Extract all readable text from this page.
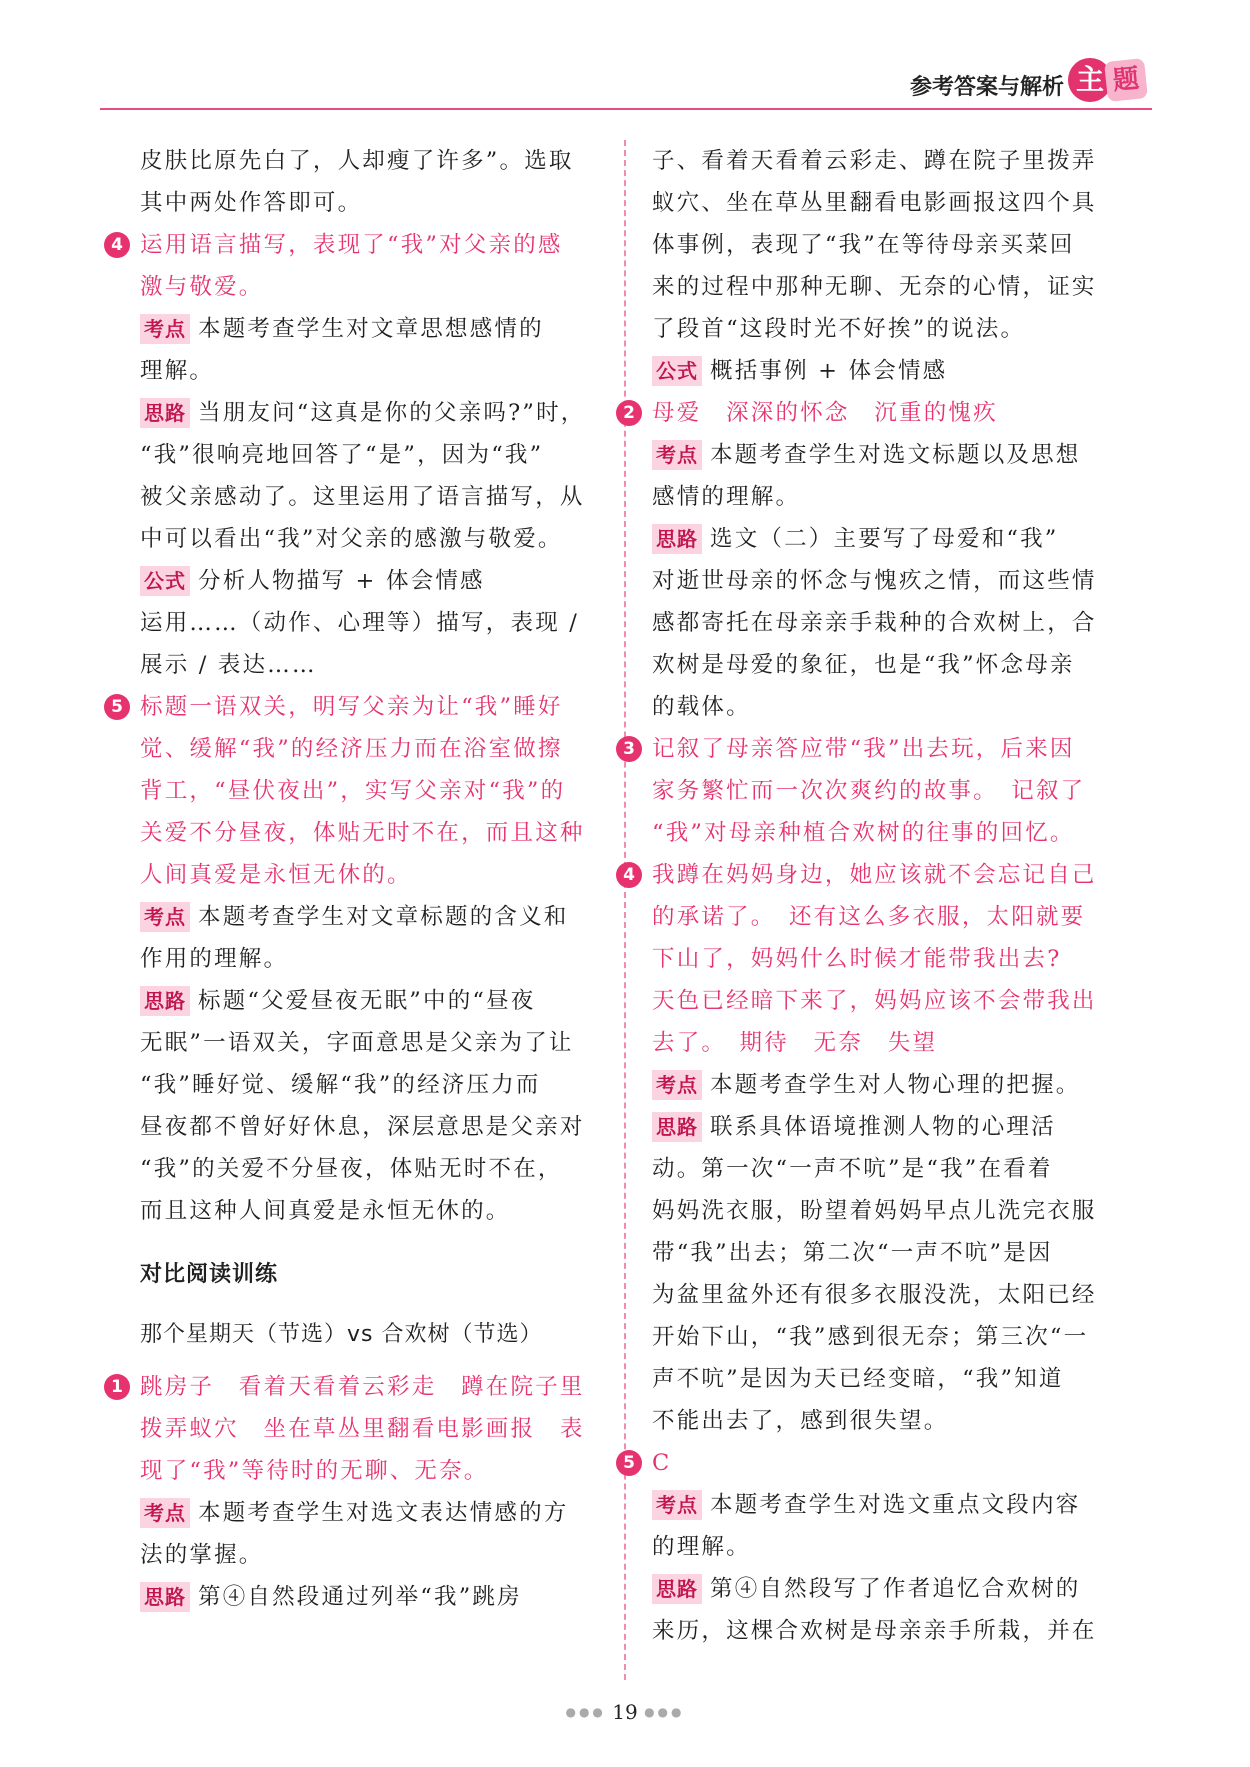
参考答案与解析 主 题
皮肤比原先白了，人却瘦了许多”。选取
其中两处作答即可。
4 运用语言描写，表现了“我”对父亲的感
激与敬爱。
考点 本题考查学生对文章思想感情的
理解。
思路 当朋友问“这真是你的父亲吗?”时，
“我”很响亮地回答了“是”，因为“我”
被父亲感动了。这里运用了语言描写，从
中可以看出“我”对父亲的感激与敬爱。
公式 分析人物描写 + 体会情感
运用……（动作、心理等）描写，表现 /
展示 / 表达……
5 标题一语双关，明写父亲为让“我”睡好
觉、缓解“我”的经济压力而在浴室做擦
背工，“昼伏夜出”，实写父亲对“我”的
关爱不分昼夜，体贴无时不在，而且这种
人间真爱是永恒无休的。
考点 本题考查学生对文章标题的含义和
作用的理解。
思路 标题“父爱昼夜无眠”中的“昼夜
无眠”一语双关，字面意思是父亲为了让
“我”睡好觉、缓解“我”的经济压力而
昼夜都不曾好好休息，深层意思是父亲对
“我”的关爱不分昼夜，体贴无时不在，
而且这种人间真爱是永恒无休的。
对比阅读训练
那个星期天（节选）vs 合欢树（节选）
1 跳房子　看着天看着云彩走　蹲在院子里
拨弄蚁穴　坐在草丛里翻看电影画报　表
现了“我”等待时的无聊、无奈。
考点 本题考查学生对选文表达情感的方
法的掌握。
思路 第④自然段通过列举“我”跳房
子、看着天看着云彩走、蹲在院子里拨弄
蚁穴、坐在草丛里翻看电影画报这四个具
体事例，表现了“我”在等待母亲买菜回
来的过程中那种无聊、无奈的心情，证实
了段首“这段时光不好挨”的说法。
公式 概括事例 + 体会情感
2 母爱　深深的怀念　沉重的愧疚
考点 本题考查学生对选文标题以及思想
感情的理解。
思路 选文（二）主要写了母爱和“我”
对逝世母亲的怀念与愧疚之情，而这些情
感都寄托在母亲亲手栽种的合欢树上，合
欢树是母爱的象征，也是“我”怀念母亲
的载体。
3 记叙了母亲答应带“我”出去玩，后来因
家务繁忙而一次次爽约的故事。　记叙了
“我”对母亲种植合欢树的往事的回忆。
4 我蹲在妈妈身边，她应该就不会忘记自己
的承诺了。　还有这么多衣服，太阳就要
下山了，妈妈什么时候才能带我出去?
天色已经暗下来了，妈妈应该不会带我出
去了。　期待　无奈　失望
考点 本题考查学生对人物心理的把握。
思路 联系具体语境推测人物的心理活
动。第一次“一声不吭”是“我”在看着
妈妈洗衣服，盼望着妈妈早点儿洗完衣服
带“我”出去；第二次“一声不吭”是因
为盆里盆外还有很多衣服没洗，太阳已经
开始下山，“我”感到很无奈；第三次“一
声不吭”是因为天已经变暗，“我”知道
不能出去了，感到很失望。
5 C
考点 本题考查学生对选文重点文段内容
的理解。
思路 第④自然段写了作者追忆合欢树的
来历，这棵合欢树是母亲亲手所栽，并在
●●● 19 ●●●
